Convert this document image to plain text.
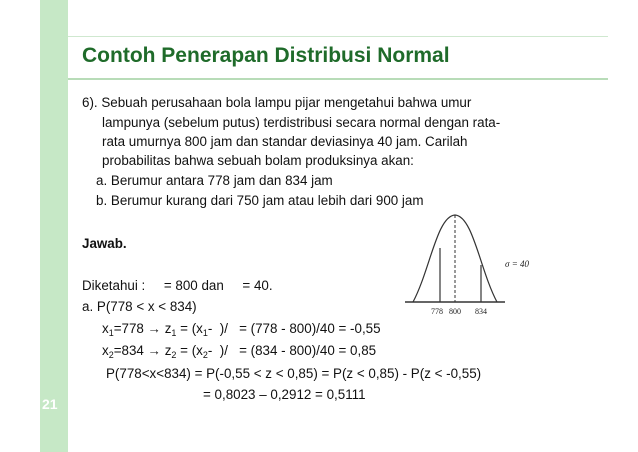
21
Contoh Penerapan Distribusi Normal
6). Sebuah perusahaan bola lampu pijar mengetahui bahwa umur
lampunya (sebelum putus) terdistribusi secara normal dengan rata-
rata umurnya 800 jam dan standar deviasinya 40 jam. Carilah
probabilitas bahwa sebuah bolam produksinya akan:
a. Berumur antara 778 jam dan 834 jam
b. Berumur kurang dari 750 jam atau lebih dari 900 jam
Jawab.
Diketahui :     = 800 dan     = 40.
a. P(778 < x < 834)
$x_1=778 \to z_1 = (x_1-$  )/   = (778 - 800)/40 = -0,55
$x_2=834 \to z_2 = (x_2-$  )/   = (834 - 800)/40 = 0,85
P(778<x<834) = P(-0,55 < z < 0,85) = P(z < 0,85) - P(z < -0,55)
= 0,8023 – 0,2912 = 0,5111
778 800 834
σ = 40
